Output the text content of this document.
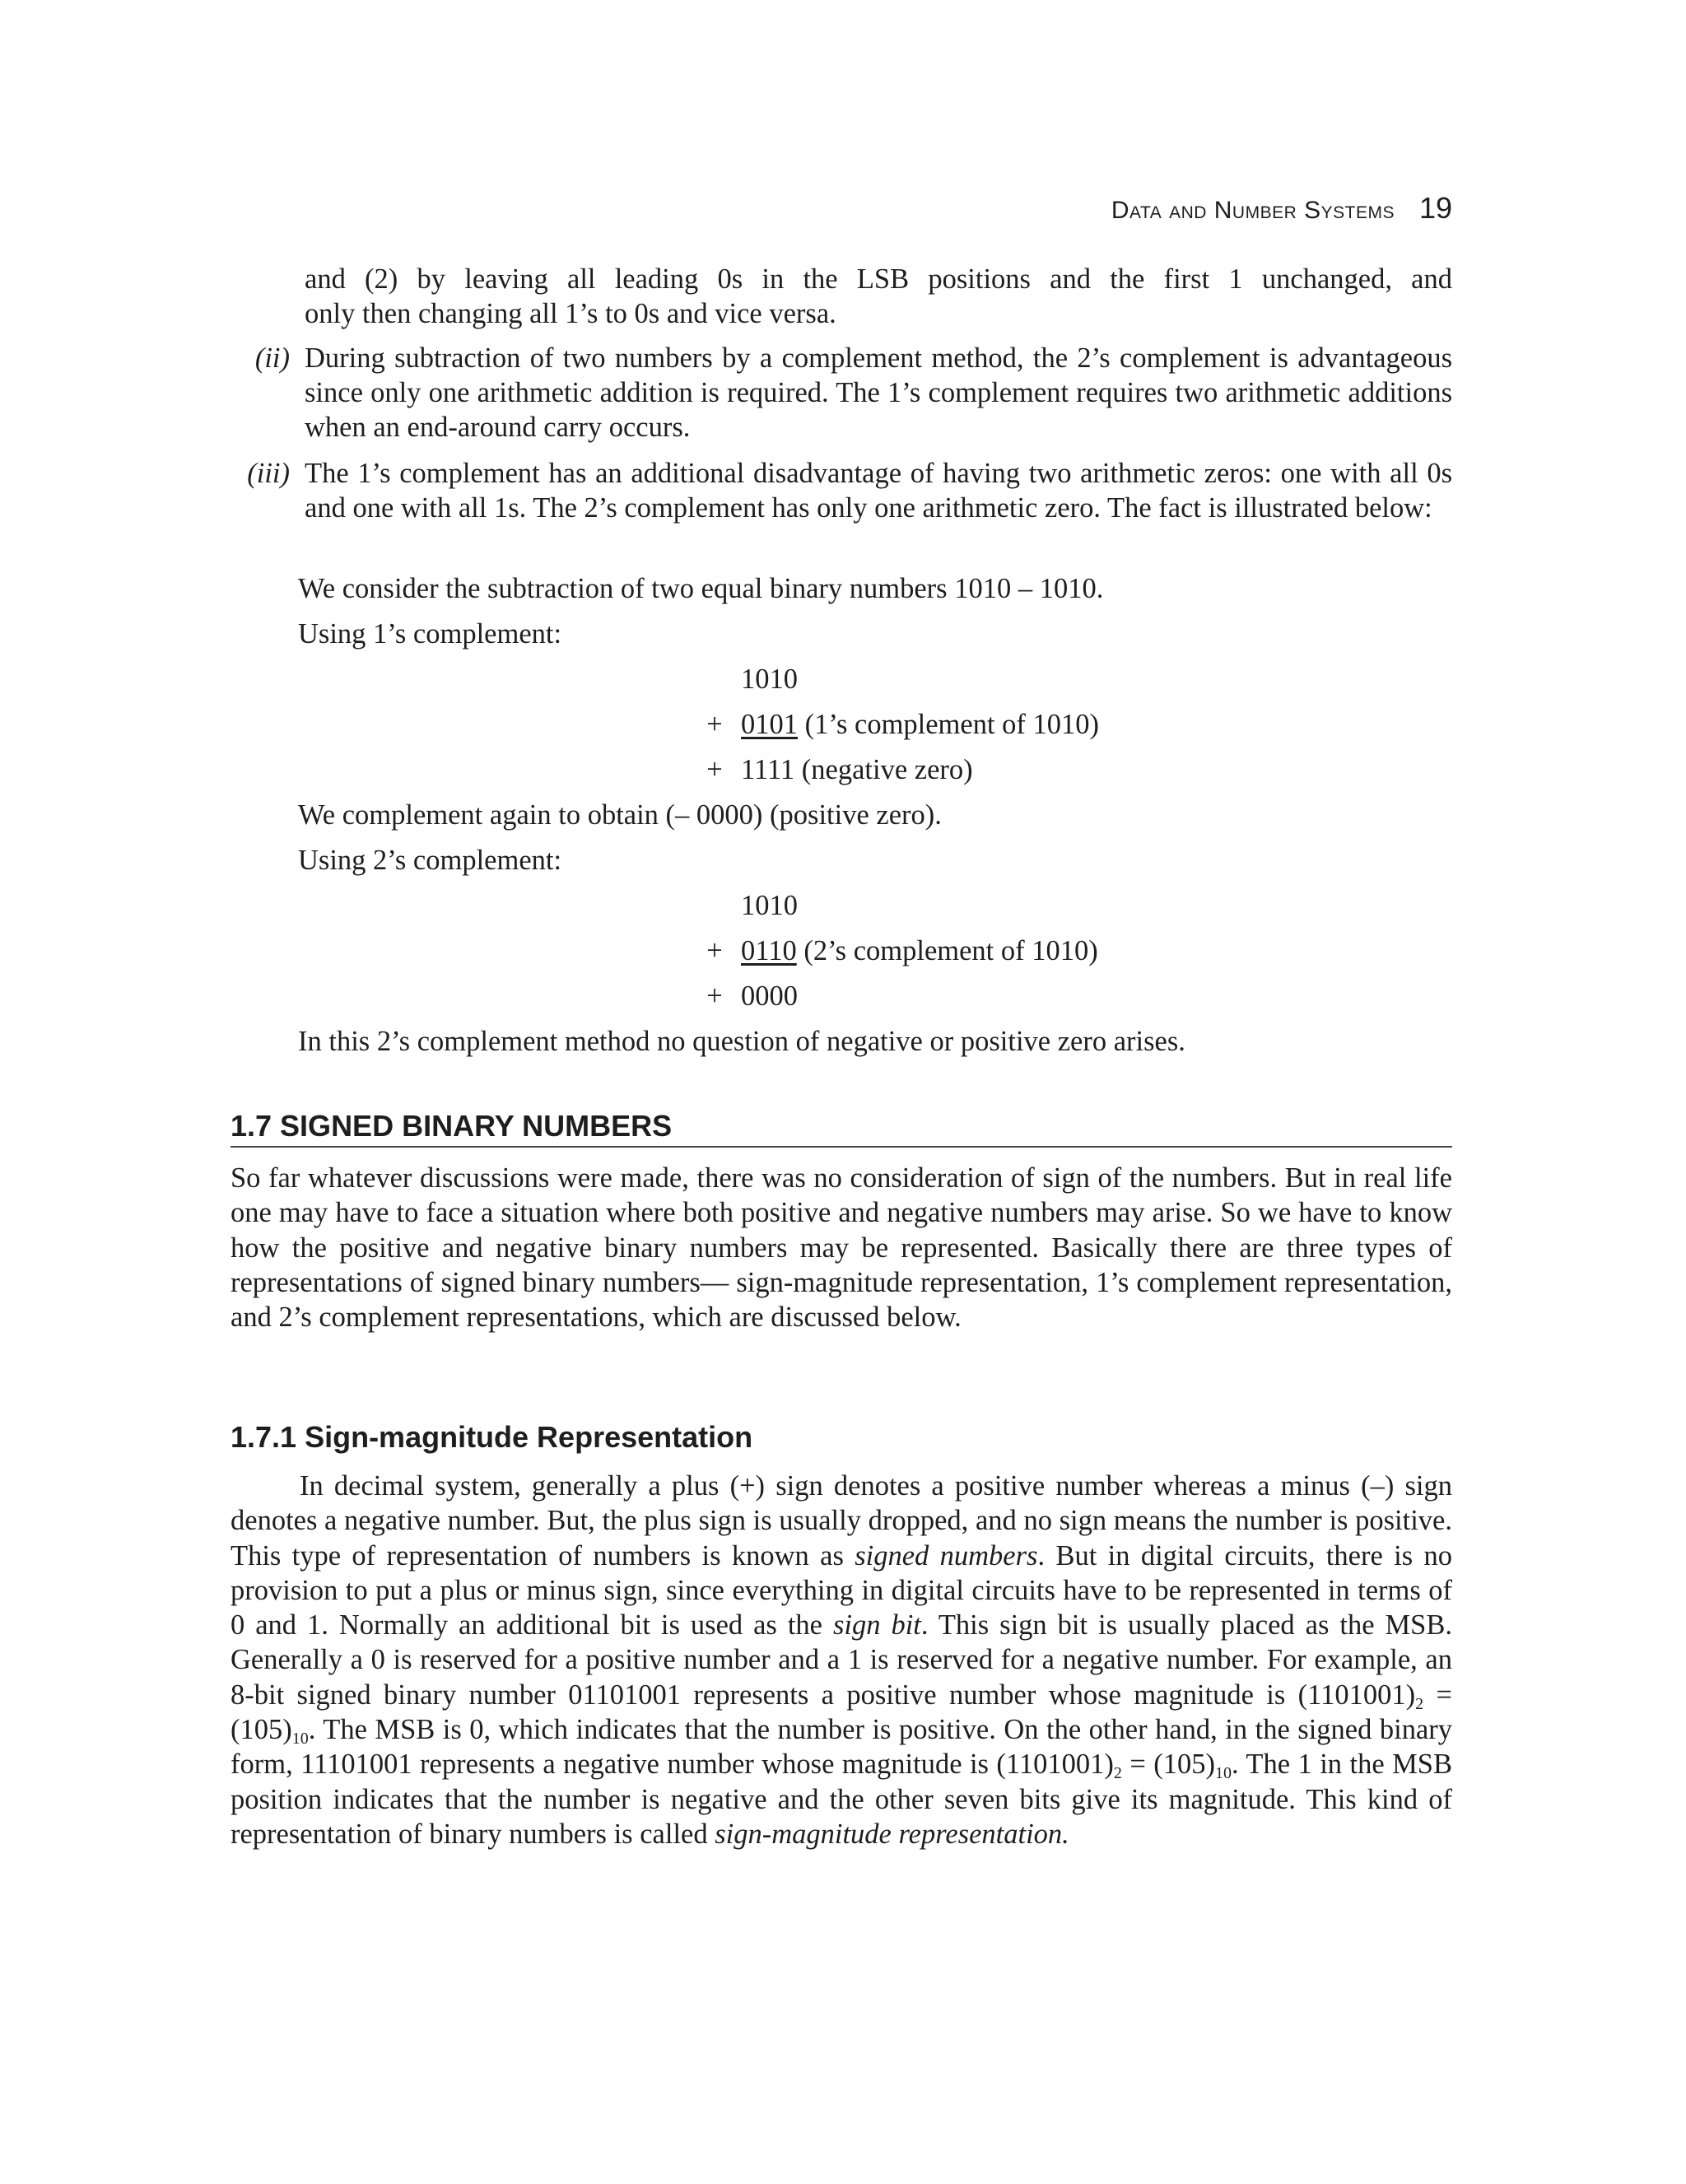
Data and Number Systems 19
and (2) by leaving all leading 0s in the LSB positions and the first 1 unchanged, and
only then changing all 1’s to 0s and vice versa.
(ii) During subtraction of two numbers by a complement method, the 2’s complement is advantageous since only one arithmetic addition is required. The 1’s complement requires two arithmetic additions when an end-around carry occurs.
(iii) The 1’s complement has an additional disadvantage of having two arithmetic zeros: one with all 0s and one with all 1s. The 2’s complement has only one arithmetic zero. The fact is illustrated below:
We consider the subtraction of two equal binary numbers 1010 – 1010.
Using 1’s complement:
1010
+ 0101 (1’s complement of 1010)
+ 1111 (negative zero)
We complement again to obtain (– 0000) (positive zero).
Using 2’s complement:
1010
+ 0110 (2’s complement of 1010)
+ 0000
In this 2’s complement method no question of negative or positive zero arises.
1.7 SIGNED BINARY NUMBERS
So far whatever discussions were made, there was no consideration of sign of the numbers. But in real life one may have to face a situation where both positive and negative numbers may arise. So we have to know how the positive and negative binary numbers may be represented. Basically there are three types of representations of signed binary numbers— sign-magnitude representation, 1’s complement representation, and 2’s complement representations, which are discussed below.
1.7.1 Sign-magnitude Representation
In decimal system, generally a plus (+) sign denotes a positive number whereas a minus (–) sign denotes a negative number. But, the plus sign is usually dropped, and no sign means the number is positive. This type of representation of numbers is known as signed numbers. But in digital circuits, there is no provision to put a plus or minus sign, since everything in digital circuits have to be represented in terms of 0 and 1. Normally an additional bit is used as the sign bit. This sign bit is usually placed as the MSB. Generally a 0 is reserved for a positive number and a 1 is reserved for a negative number. For example, an 8-bit signed binary number 01101001 represents a positive number whose magnitude is $(1101001)_2 = (105)_{10}$. The MSB is 0, which indicates that the number is positive. On the other hand, in the signed binary form, 11101001 represents a negative number whose magnitude is $(1101001)_2 = (105)_{10}$. The 1 in the MSB position indicates that the number is negative and the other seven bits give its magnitude. This kind of representation of binary numbers is called sign-magnitude representation.
